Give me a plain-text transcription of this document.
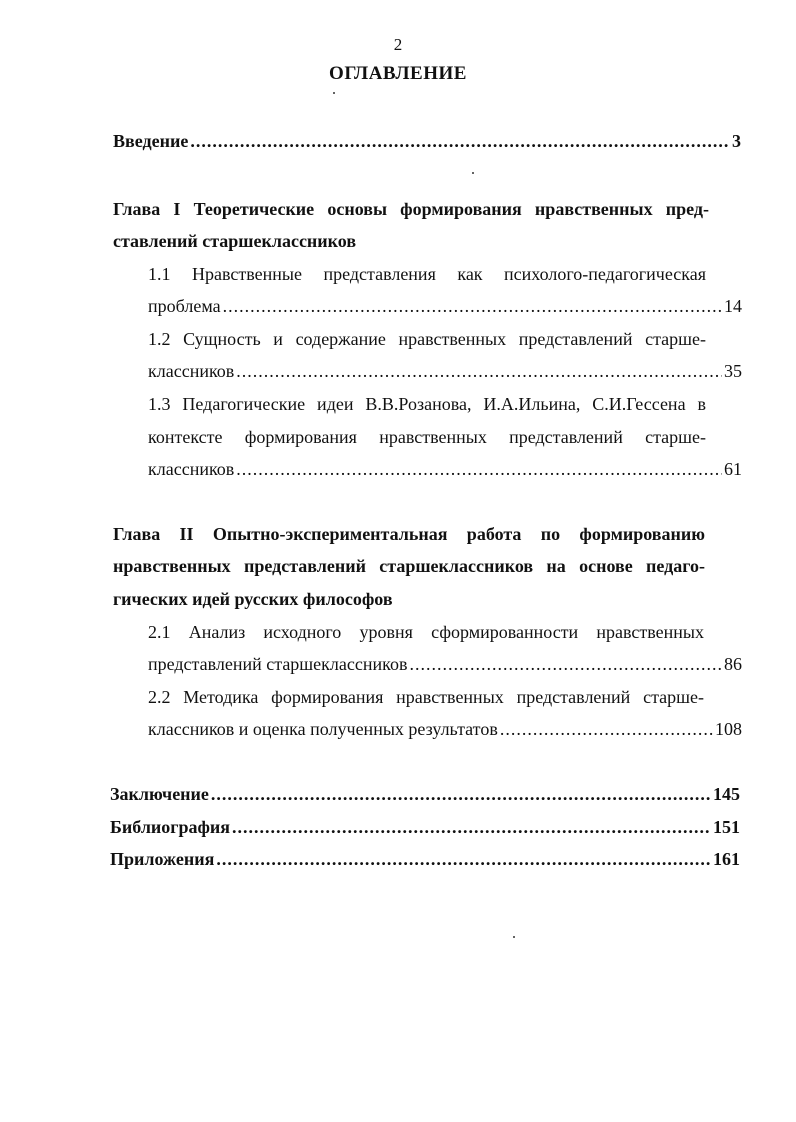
2
ОГЛАВЛЕНИЕ
Введение .....	3
Глава I Теоретические основы формирования нравственных пред-
ставлений старшеклассников
1.1 Нравственные представления как психолого-педагогическая
проблема .....	14
1.2 Сущность и содержание нравственных представлений старше-
классников .....	35
1.3 Педагогические идеи В.В.Розанова, И.А.Ильина, С.И.Гессена в
контексте формирования нравственных представлений старше-
классников .....	61
Глава II Опытно-экспериментальная работа по формированию
нравственных представлений старшеклассников на основе педаго-
гических идей русских философов
2.1 Анализ исходного уровня сформированности нравственных
представлений старшеклассников .....	86
2.2 Методика формирования нравственных представлений старше-
классников и оценка полученных результатов .....	108
Заключение .....	145
Библиография .....	151
Приложения .....	161
